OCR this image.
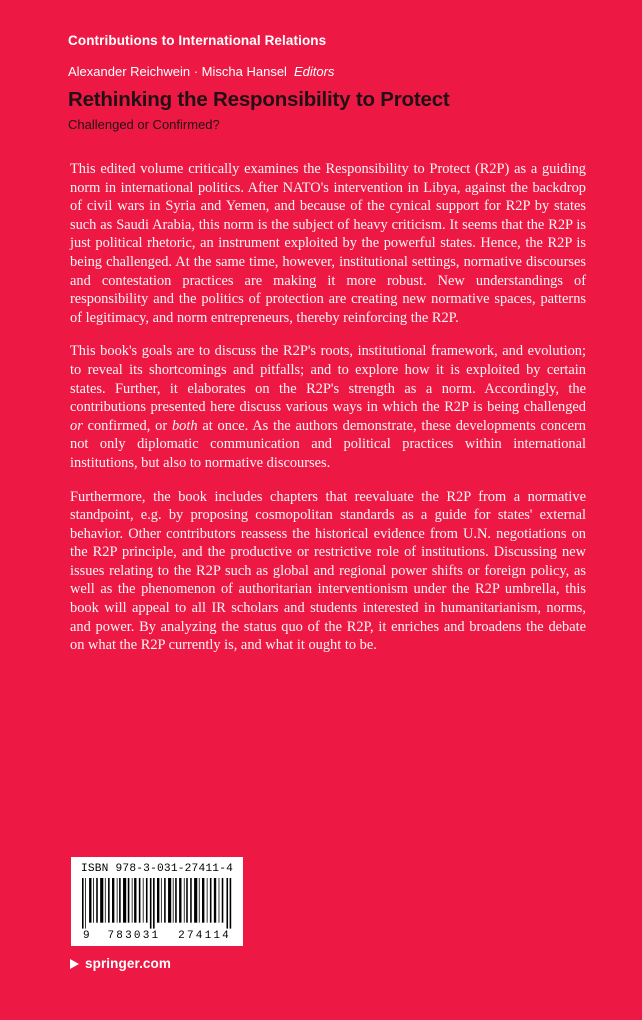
Contributions to International Relations
Alexander Reichwein · Mischa Hansel Editors
Rethinking the Responsibility to Protect
Challenged or Confirmed?

This edited volume critically examines the Responsibility to Protect (R2P) as a guiding norm in international politics. After NATO's intervention in Libya, against the backdrop of civil wars in Syria and Yemen, and because of the cynical support for R2P by states such as Saudi Arabia, this norm is the subject of heavy criticism. It seems that the R2P is just political rhetoric, an instrument exploited by the powerful states. Hence, the R2P is being challenged. At the same time, however, institutional settings, normative discourses and contestation practices are making it more robust. New understandings of responsibility and the politics of protection are creating new normative spaces, patterns of legitimacy, and norm entrepreneurs, thereby reinforcing the R2P.

This book's goals are to discuss the R2P's roots, institutional framework, and evolution; to reveal its shortcomings and pitfalls; and to explore how it is exploited by certain states. Further, it elaborates on the R2P's strength as a norm. Accordingly, the contributions presented here discuss various ways in which the R2P is being challenged or confirmed, or both at once. As the authors demonstrate, these developments concern not only diplomatic communication and political practices within international institutions, but also to normative discourses.

Furthermore, the book includes chapters that reevaluate the R2P from a normative standpoint, e.g. by proposing cosmopolitan standards as a guide for states' external behavior. Other contributors reassess the historical evidence from U.N. negotiations on the R2P principle, and the productive or restrictive role of institutions. Discussing new issues relating to the R2P such as global and regional power shifts or foreign policy, as well as the phenomenon of authoritarian interventionism under the R2P umbrella, this book will appeal to all IR scholars and students interested in humanitarianism, norms, and power. By analyzing the status quo of the R2P, it enriches and broadens the debate on what the R2P currently is, and what it ought to be.

ISBN 978-3-031-27411-4
9 783031 274114
springer.com
